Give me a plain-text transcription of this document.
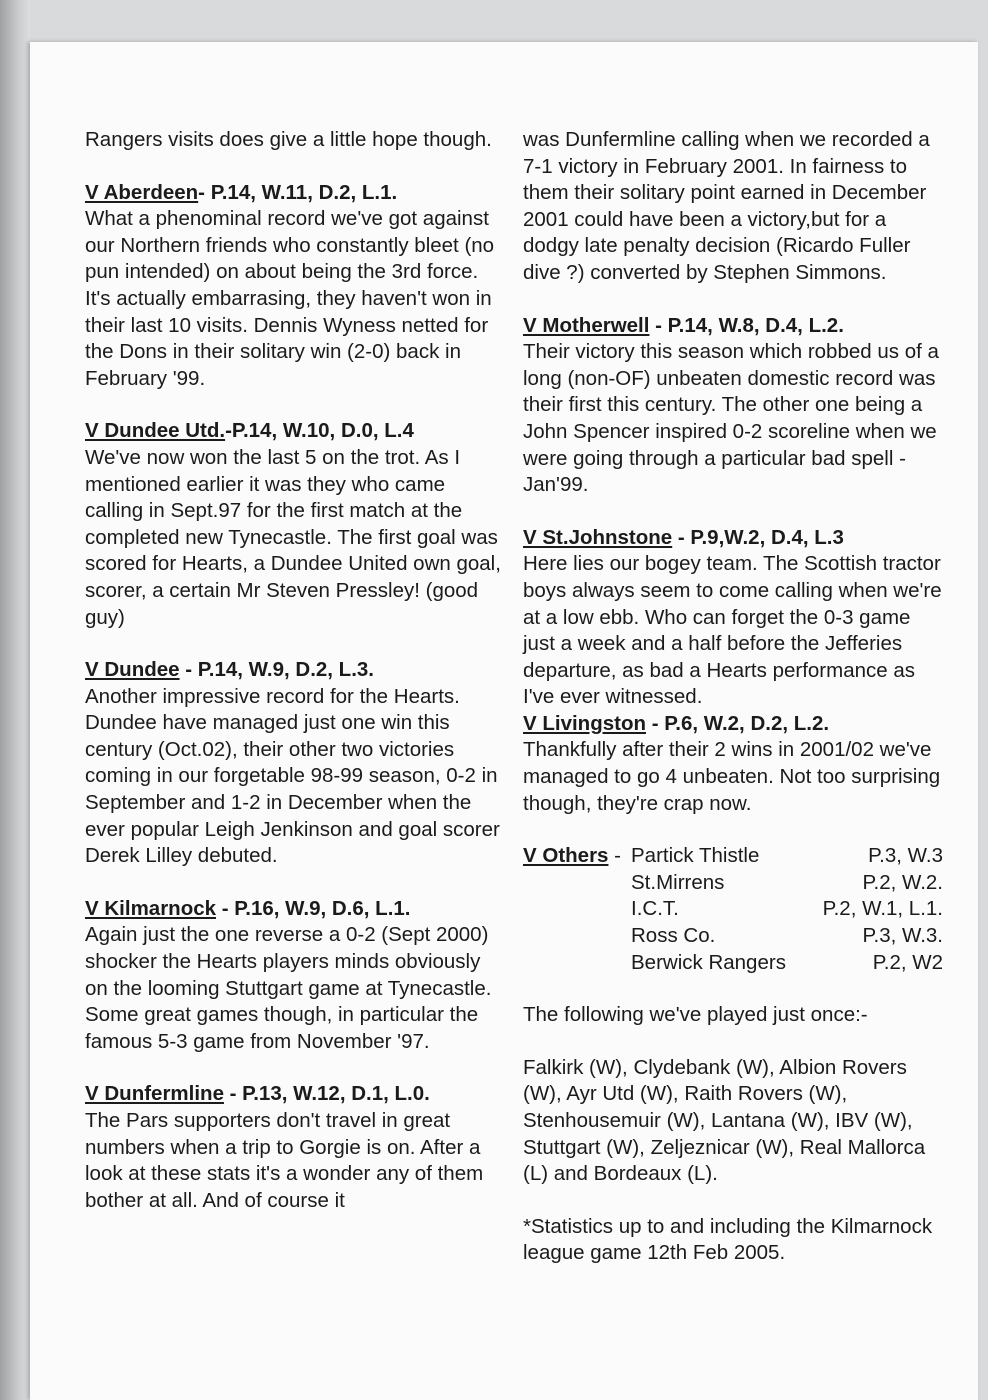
Rangers visits does give a little hope though.

V Aberdeen- P.14, W.11, D.2, L.1.
What a phenominal record we've got against our Northern friends who constantly bleet (no pun intended) on about being the 3rd force. It's actually embarrasing, they haven't won in their last 10 visits. Dennis Wyness netted for the Dons in their solitary win (2-0) back in February '99.

V Dundee Utd.-P.14, W.10, D.0, L.4
We've now won the last 5 on the trot. As I mentioned earlier it was they who came calling in Sept.97 for the first match at the completed new Tynecastle. The first goal was scored for Hearts, a Dundee United own goal, scorer, a certain Mr Steven Pressley! (good guy)

V Dundee - P.14, W.9, D.2, L.3.
Another impressive record for the Hearts. Dundee have managed just one win this century (Oct.02), their other two victories coming in our forgetable 98-99 season, 0-2 in September and 1-2 in December when the ever popular Leigh Jenkinson and goal scorer Derek Lilley debuted.

V Kilmarnock - P.16, W.9, D.6, L.1.
Again just the one reverse a 0-2 (Sept 2000) shocker the Hearts players minds obviously on the looming Stuttgart game at Tynecastle. Some great games though, in particular the famous 5-3 game from November '97.

V Dunfermline - P.13, W.12, D.1, L.0.
The Pars supporters don't travel in great numbers when a trip to Gorgie is on. After a look at these stats it's a wonder any of them bother at all. And of course it

was Dunfermline calling when we recorded a 7-1 victory in February 2001. In fairness to them their solitary point earned in December 2001 could have been a victory,but for a dodgy late penalty decision (Ricardo Fuller dive ?) converted by Stephen Simmons.

V Motherwell - P.14, W.8, D.4, L.2.
Their victory this season which robbed us of a long (non-OF) unbeaten domestic record was their first this century. The other one being a John Spencer inspired 0-2 scoreline when we were going through a particular bad spell - Jan'99.

V St.Johnstone - P.9,W.2, D.4, L.3
Here lies our bogey team. The Scottish tractor boys always seem to come calling when we're at a low ebb. Who can forget the 0-3 game just a week and a half before the Jefferies departure, as bad a Hearts performance as I've ever witnessed.

V Livingston - P.6, W.2, D.2, L.2.
Thankfully after their 2 wins in 2001/02 we've managed to go 4 unbeaten. Not too surprising though, they're crap now.

V Others - Partick Thistle	P.3, W.3
St.Mirrens	P.2, W.2.
I.C.T.	P.2, W.1, L.1.
Ross Co.	P.3, W.3.
Berwick Rangers	P.2, W2

The following we've played just once:-

Falkirk (W), Clydebank (W), Albion Rovers (W), Ayr Utd (W), Raith Rovers (W), Stenhousemuir (W), Lantana (W), IBV (W), Stuttgart (W), Zeljeznicar (W), Real Mallorca (L) and Bordeaux (L).

*Statistics up to and including the Kilmarnock league game 12th Feb 2005.
